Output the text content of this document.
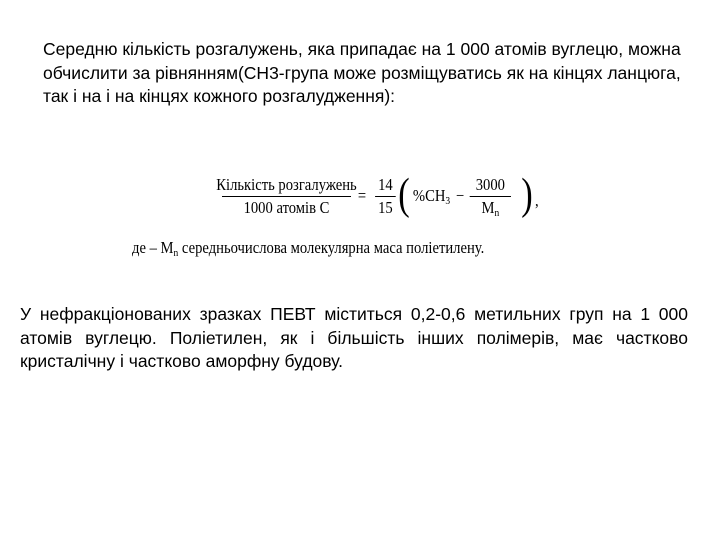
Середню кількість розгалужень, яка припадає на 1 000 атомів вуглецю, можна обчислити за рівнянням(СН3-група може розміщуватись як на кінцях ланцюга, так і на і на кінцях кожного розгалудження):

Кількість розгалужень
1000 атомів С
=
14
15 ( $\%CH_3$ −
3000
$M_n$ ) ,
де – $M_n$ середньочислова молекулярна маса поліетилену.

У нефракціонованих зразках ПЕВТ міститься 0,2-0,6 метильних груп на 1 000 атомів вуглецю. Поліетилен, як і більшість інших полімерів, має частково кристалічну і частково аморфну будову.
